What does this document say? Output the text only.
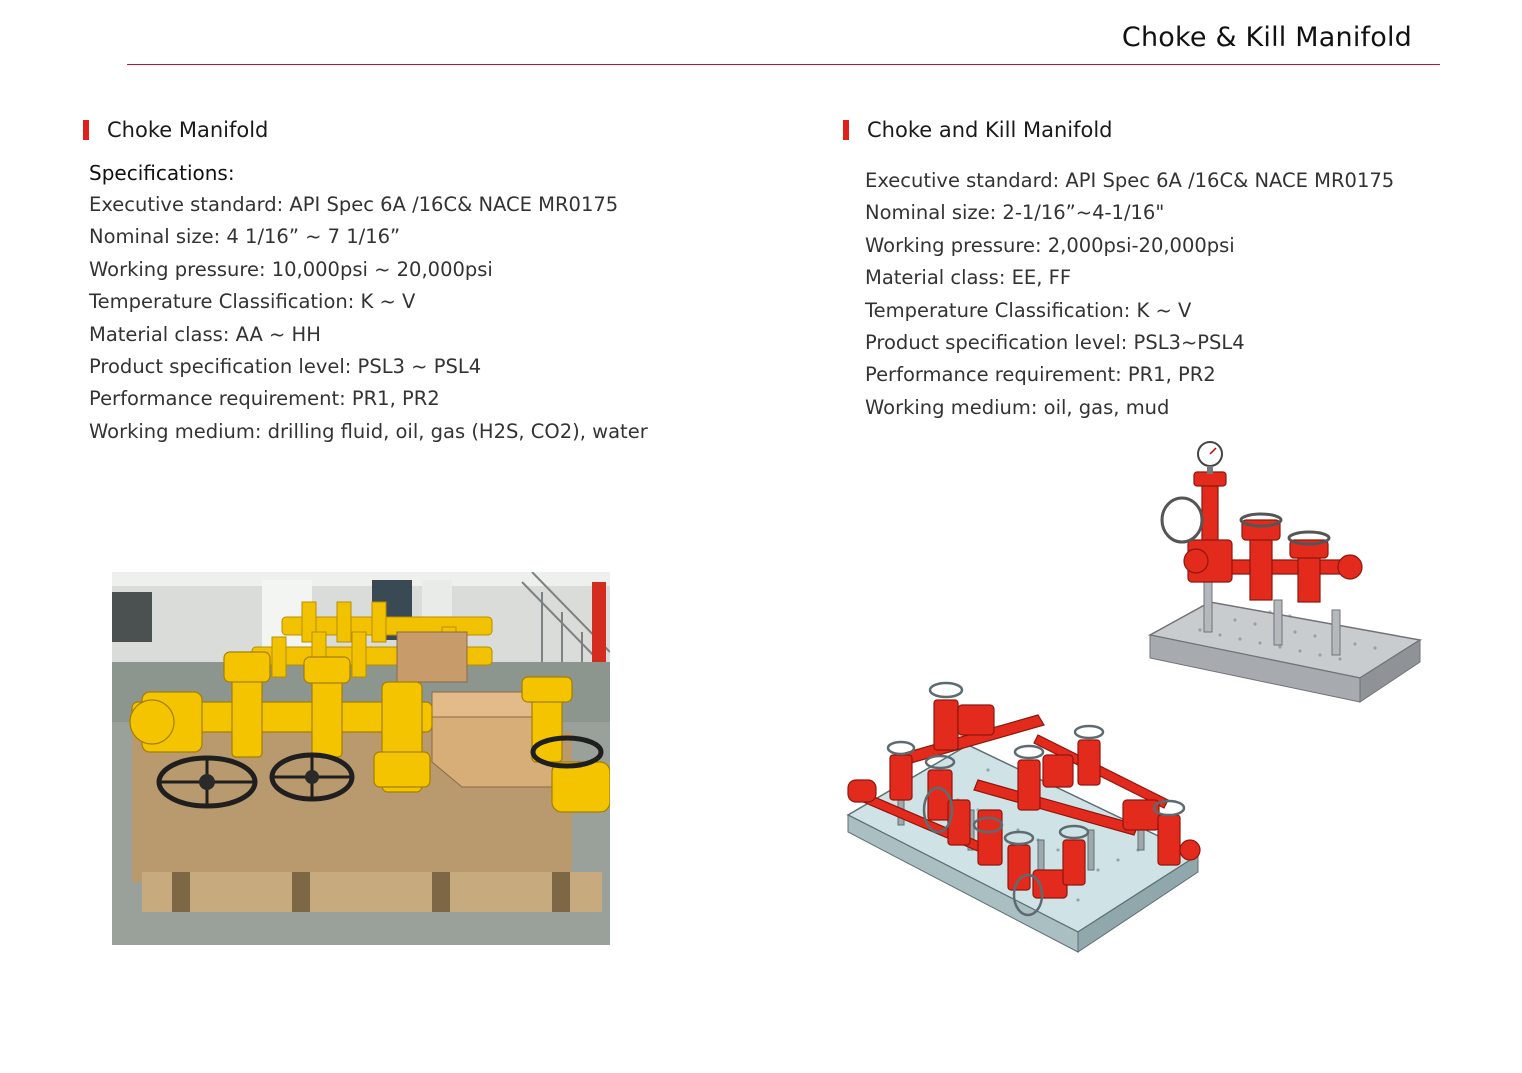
Choke & Kill Manifold
Choke Manifold
Specifications:
Executive standard: API Spec 6A /16C& NACE MR0175
Nominal size: 4 1/16” ~ 7 1/16”
Working pressure: 10,000psi ~ 20,000psi
Temperature Classification: K ~ V
Material class: AA ~ HH
Product specification level: PSL3 ~ PSL4
Performance requirement: PR1, PR2
Working medium: drilling fluid, oil, gas (H2S, CO2), water
Choke and Kill Manifold
Executive standard: API Spec 6A /16C& NACE MR0175
Nominal size: 2-1/16”~4-1/16"
Working pressure: 2,000psi-20,000psi
Material class: EE, FF
Temperature Classification: K ~ V
Product specification level: PSL3~PSL4
Performance requirement: PR1, PR2
Working medium: oil, gas, mud
